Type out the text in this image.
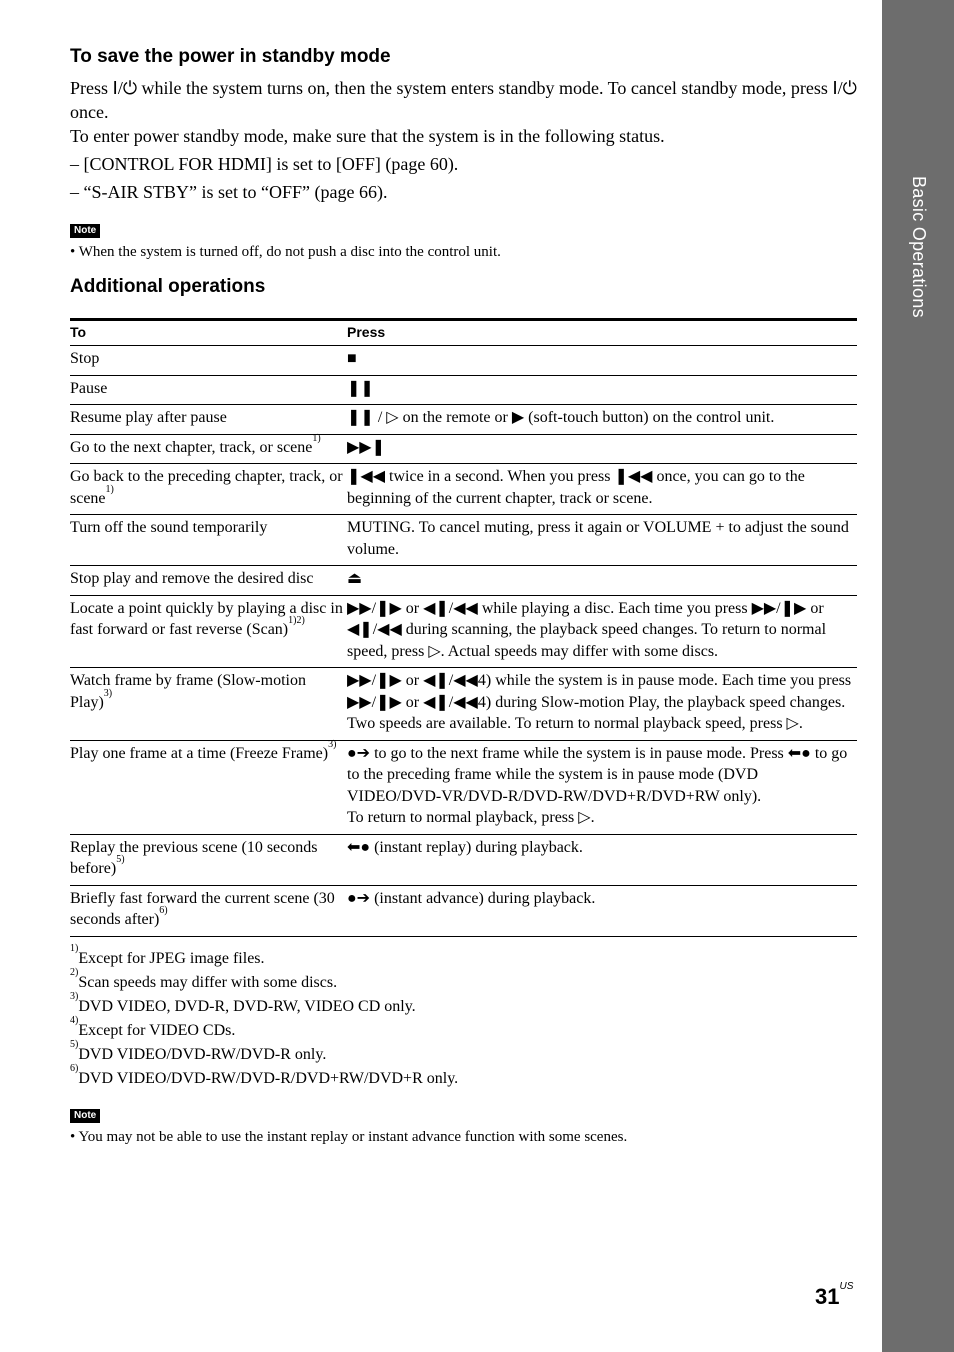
Basic Operations
To save the power in standby mode
Press Ⅰ/⏻ while the system turns on, then the system enters standby mode. To cancel standby mode, press Ⅰ/⏻ once.
To enter power standby mode, make sure that the system is in the following status.
– [CONTROL FOR HDMI] is set to [OFF] (page 60).
– “S-AIR STBY” is set to “OFF” (page 66).
Note
• When the system is turned off, do not push a disc into the control unit.
Additional operations
To	Press
Stop	■

Pause	❚❚

Resume play after pause	❚❚ / ▷ on the remote or ▶ (soft-touch button) on the control unit.

Go to the next chapter, track, or scene$^{1)}$	▶▶❚

Go back to the preceding chapter, track, or scene$^{1)}$	❚◀◀ twice in a second. When you press ❚◀◀ once, you can go to the beginning of the current chapter, track or scene.

Turn off the sound temporarily	MUTING. To cancel muting, press it again or VOLUME + to adjust the sound volume.

Stop play and remove the desired disc	⏏

Locate a point quickly by playing a disc in fast forward or fast reverse (Scan)$^{1)2)}$	▶▶/❚▶ or ◀❚/◀◀ while playing a disc. Each time you press ▶▶/❚▶ or ◀❚/◀◀ during scanning, the playback speed changes. To return to normal speed, press ▷. Actual speeds may differ with some discs.

Watch frame by frame (Slow-motion Play)$^{3)}$	▶▶/❚▶ or ◀❚/◀◀4) while the system is in pause mode. Each time you press ▶▶/❚▶ or ◀❚/◀◀4) during Slow-motion Play, the playback speed changes. Two speeds are available. To return to normal playback speed, press ▷.

Play one frame at a time (Freeze Frame)$^{3)}$	●➔ to go to the next frame while the system is in pause mode. Press ⬅● to go to the preceding frame while the system is in pause mode (DVD VIDEO/DVD-VR/DVD-R/DVD-RW/DVD+R/DVD+RW only).
To return to normal playback, press ▷.

Replay the previous scene (10 seconds before)$^{5)}$	⬅● (instant replay) during playback.

Briefly fast forward the current scene (30 seconds after)$^{6)}$	●➔ (instant advance) during playback.
$^{1)}$Except for JPEG image files.
$^{2)}$Scan speeds may differ with some discs.
$^{3)}$DVD VIDEO, DVD-R, DVD-RW, VIDEO CD only.
$^{4)}$Except for VIDEO CDs.
$^{5)}$DVD VIDEO/DVD-RW/DVD-R only.
$^{6)}$DVD VIDEO/DVD-RW/DVD-R/DVD+RW/DVD+R only.
Note
• You may not be able to use the instant replay or instant advance function with some scenes.
$31^{US}$
